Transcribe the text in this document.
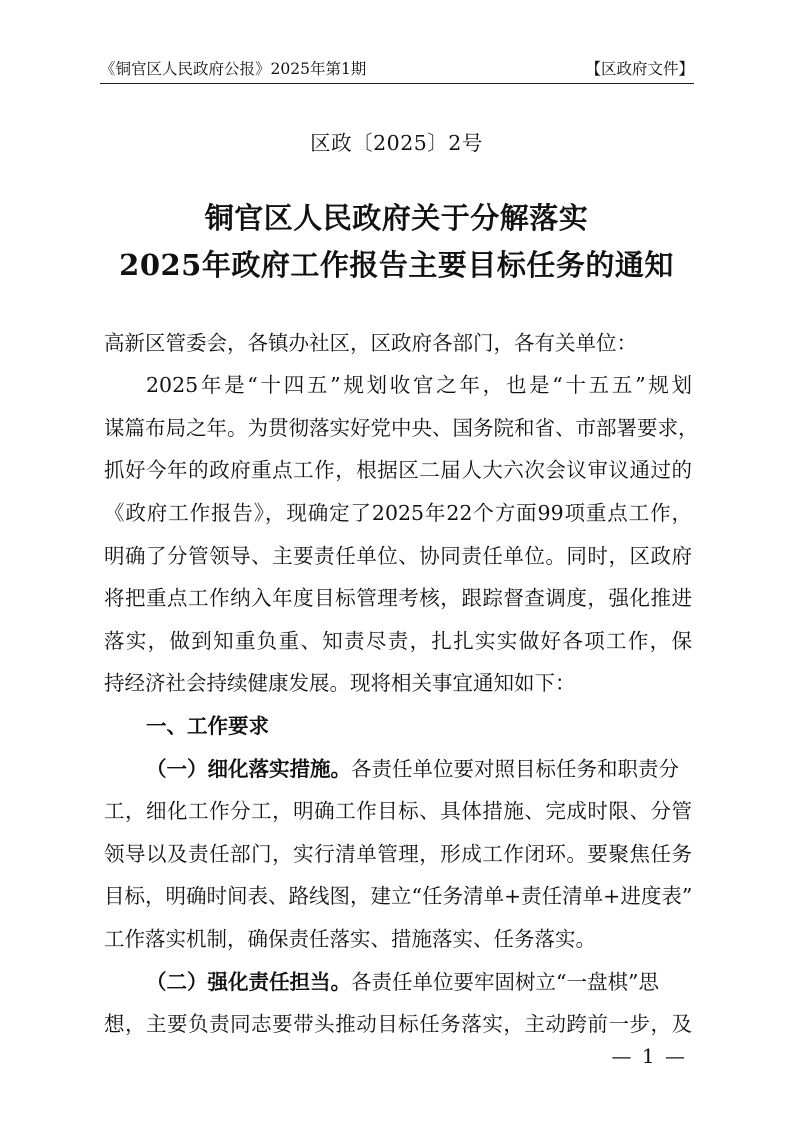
《铜官区人民政府公报》2025年第1期	【区政府文件】
区政〔2025〕2号
铜官区人民政府关于分解落实
2025年政府工作报告主要目标任务的通知
高新区管委会，各镇办社区，区政府各部门，各有关单位：
2025年是“十四五”规划收官之年，也是“十五五”规划
谋篇布局之年。为贯彻落实好党中央、国务院和省、市部署要求，
抓好今年的政府重点工作，根据区二届人大六次会议审议通过的
《政府工作报告》，现确定了2025年22个方面99项重点工作，
明确了分管领导、主要责任单位、协同责任单位。同时，区政府
将把重点工作纳入年度目标管理考核，跟踪督查调度，强化推进
落实，做到知重负重、知责尽责，扎扎实实做好各项工作，保
持经济社会持续健康发展。现将相关事宜通知如下：
一、工作要求
（一）细化落实措施。各责任单位要对照目标任务和职责分
工，细化工作分工，明确工作目标、具体措施、完成时限、分管
领导以及责任部门，实行清单管理，形成工作闭环。要聚焦任务
目标，明确时间表、路线图，建立“任务清单+责任清单+进度表”
工作落实机制，确保责任落实、措施落实、任务落实。
（二）强化责任担当。各责任单位要牢固树立“一盘棋”思
想，主要负责同志要带头推动目标任务落实，主动跨前一步，及
— 1 —
